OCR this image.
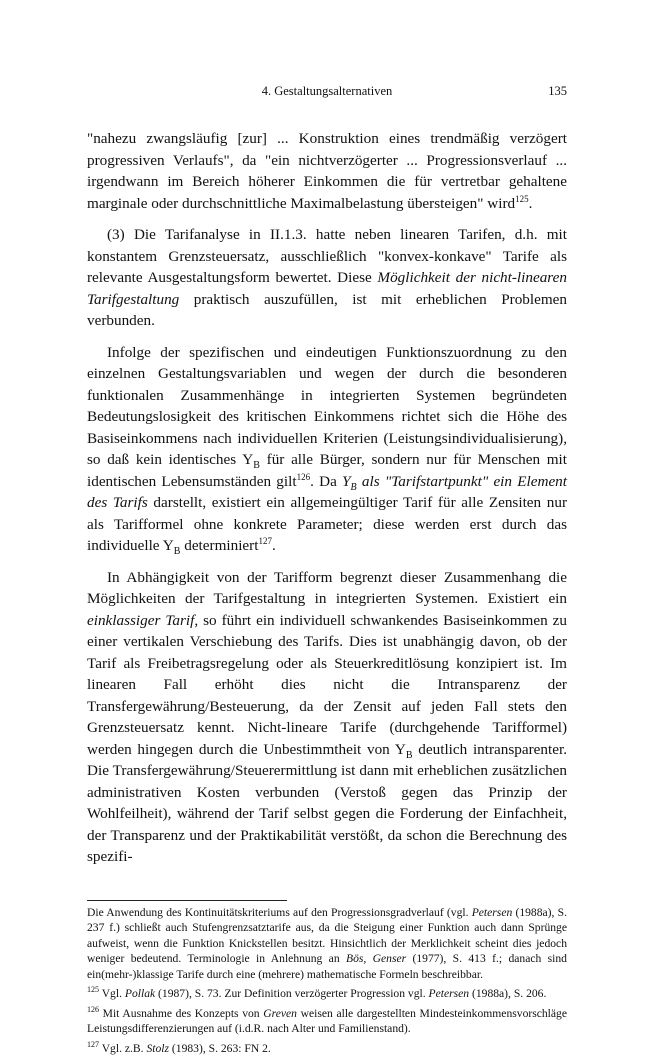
4. Gestaltungsalternativen	135

"nahezu zwangsläufig [zur] ... Konstruktion eines trendmäßig verzögert progressiven Verlaufs", da "ein nichtverzögerter ... Progressionsverlauf ... irgendwann im Bereich höherer Einkommen die für vertretbar gehaltene marginale oder durchschnittliche Maximalbelastung übersteigen" wird$^{125}$.

(3) Die Tarifanalyse in II.1.3. hatte neben linearen Tarifen, d.h. mit konstantem Grenzsteuersatz, ausschließlich "konvex-konkave" Tarife als relevante Ausgestaltungsform bewertet. Diese Möglichkeit der nicht-linearen Tarifgestaltung praktisch auszufüllen, ist mit erheblichen Problemen verbunden.

Infolge der spezifischen und eindeutigen Funktionszuordnung zu den einzelnen Gestaltungsvariablen und wegen der durch die besonderen funktionalen Zusammenhänge in integrierten Systemen begründeten Bedeutungslosigkeit des kritischen Einkommens richtet sich die Höhe des Basiseinkommens nach individuellen Kriterien (Leistungsindividualisierung), so daß kein identisches $Y_B$ für alle Bürger, sondern nur für Menschen mit identischen Lebensumständen gilt$^{126}$. Da $Y_B$ als "Tarifstartpunkt" ein Element des Tarifs darstellt, existiert ein allgemeingültiger Tarif für alle Zensiten nur als Tarifformel ohne konkrete Parameter; diese werden erst durch das individuelle $Y_B$ determiniert$^{127}$.

In Abhängigkeit von der Tarifform begrenzt dieser Zusammenhang die Möglichkeiten der Tarifgestaltung in integrierten Systemen. Existiert ein einklassiger Tarif, so führt ein individuell schwankendes Basiseinkommen zu einer vertikalen Verschiebung des Tarifs. Dies ist unabhängig davon, ob der Tarif als Freibetragsregelung oder als Steuerkreditlösung konzipiert ist. Im linearen Fall erhöht dies nicht die Intransparenz der Transfergewährung/Besteuerung, da der Zensit auf jeden Fall stets den Grenzsteuersatz kennt. Nicht-lineare Tarife (durchgehende Tarifformel) werden hingegen durch die Unbestimmtheit von $Y_B$ deutlich intransparenter. Die Transfergewährung/Steuerermittlung ist dann mit erheblichen zusätzlichen administrativen Kosten verbunden (Verstoß gegen das Prinzip der Wohlfeilheit), während der Tarif selbst gegen die Forderung der Einfachheit, der Transparenz und der Praktikabilität verstößt, da schon die Berechnung des spezifi-

Die Anwendung des Kontinuitätskriteriums auf den Progressionsgradverlauf (vgl. Petersen (1988a), S. 237 f.) schließt auch Stufengrenzsatztarife aus, da die Steigung einer Funktion auch dann Sprünge aufweist, wenn die Funktion Knickstellen besitzt. Hinsichtlich der Merklichkeit scheint dies jedoch weniger bedeutend. Terminologie in Anlehnung an Bös, Genser (1977), S. 413 f.; danach sind ein(mehr-)klassige Tarife durch eine (mehrere) mathematische Formeln beschreibbar.

$^{125}$ Vgl. Pollak (1987), S. 73. Zur Definition verzögerter Progression vgl. Petersen (1988a), S. 206.

$^{126}$ Mit Ausnahme des Konzepts von Greven weisen alle dargestellten Mindesteinkommensvorschläge Leistungsdifferenzierungen auf (i.d.R. nach Alter und Familienstand).

$^{127}$ Vgl. z.B. Stolz (1983), S. 263: FN 2.
